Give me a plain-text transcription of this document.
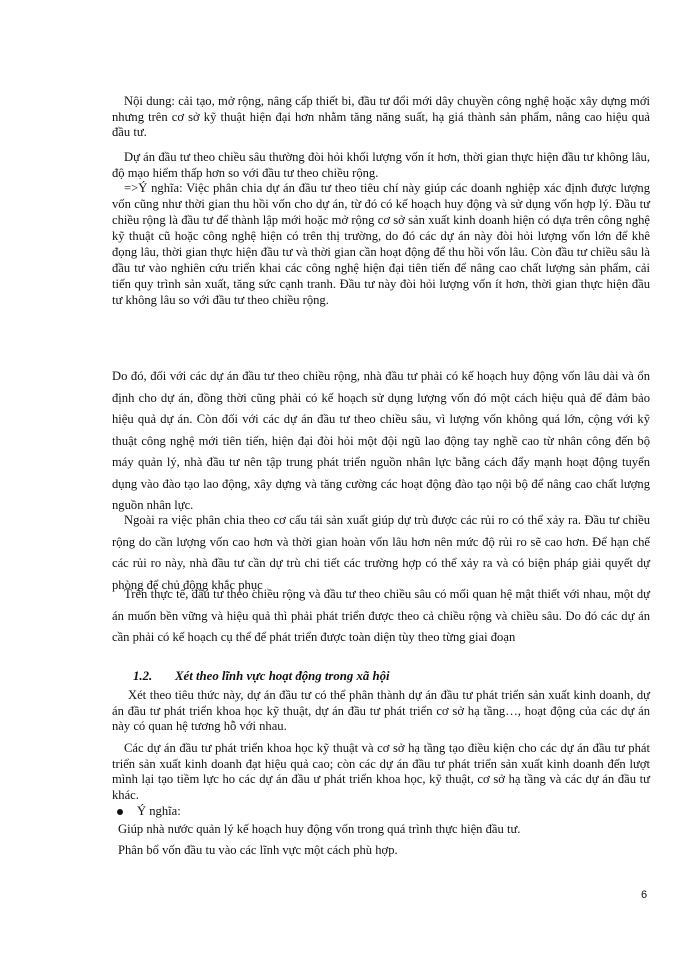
Nội dung: cải tạo, mở rộng, nâng cấp thiết bi, đầu tư đổi mới dây chuyền công nghệ hoặc xây dựng mới nhưng trên cơ sở kỹ thuật hiện đại hơn nhằm tăng năng suất, hạ giá thành sản phẩm, nâng cao hiệu quả đầu tư.

Dự án đầu tư theo chiều sâu thường đòi hỏi khối lượng vốn ít hơn, thời gian thực hiện đầu tư không lâu, độ mạo hiểm thấp hơn so với đầu tư theo chiều rộng.

=>Ý nghĩa: Việc phân chia dự án đầu tư theo tiêu chí này giúp các doanh nghiệp xác định được lượng vốn cũng như thời gian thu hồi vốn cho dự án, từ đó có kế hoạch huy động và sử dụng vốn hợp lý. Đầu tư chiều rộng là đầu tư để thành lập mới hoặc mở rộng cơ sở sản xuất kinh doanh hiện có dựa trên công nghệ kỹ thuật cũ hoặc công nghệ hiện có trên thị trường, do đó các dự án này đòi hỏi lượng vốn lớn để khê đọng lâu, thời gian thực hiện đầu tư và thời gian cần hoạt động để thu hồi vốn lâu. Còn đầu tư chiều sâu là đầu tư vào nghiên cứu triển khai các công nghệ hiện đại tiên tiến để nâng cao chất lượng sản phẩm, cải tiến quy trình sản xuất, tăng sức cạnh tranh. Đầu tư này đòi hỏi lượng vốn ít hơn, thời gian thực hiện đầu tư không lâu so với đầu tư theo chiều rộng.

Do đó, đối với các dự án đầu tư theo chiều rộng, nhà đầu tư phải có kế hoạch huy động vốn lâu dài và ổn định cho dự án, đồng thời cũng phải có kế hoạch sử dụng lượng vốn đó một cách hiệu quả để đảm bảo hiệu quả dự án. Còn đối với các dự án đầu tư theo chiều sâu, vì lượng vốn không quá lớn, cộng với kỹ thuật công nghệ mới tiên tiến, hiện đại đòi hỏi một đội ngũ lao động tay nghề cao từ nhân công đến bộ máy quản lý, nhà đầu tư nên tập trung phát triển nguồn nhân lực bằng cách đẩy mạnh hoạt động tuyển dụng vào đào tạo lao động, xây dựng và tăng cường các hoạt động đào tạo nội bộ để nâng cao chất lượng nguồn nhân lực.

Ngoài ra việc phân chia theo cơ cấu tái sản xuất giúp dự trù được các rủi ro có thể xảy ra. Đầu tư chiều rộng do cần lượng vốn cao hơn và thời gian hoàn vốn lâu hơn nên mức độ rủi ro sẽ cao hơn. Để hạn chế các rủi ro này, nhà đầu tư cần dự trù chi tiết các trường hợp có thể xảy ra và có biện pháp giải quyết dự phòng để chủ động khắc phục

Trên thực tế, đầu tư theo chiều rộng và đầu tư theo chiều sâu có mối quan hệ mật thiết với nhau, một dự án muốn bền vững và hiệu quả thì phải phát triển được theo cả chiều rộng và chiều sâu. Do đó các dự án cần phải có kế hoạch cụ thể để phát triển được toàn diện tùy theo từng giai đoạn

1.2. Xét theo lĩnh vực hoạt động trong xã hội

Xét theo tiêu thức này, dự án đầu tư có thể phân thành dự án đầu tư phát triển sản xuất kinh doanh, dự án đầu tư phát triển khoa học kỹ thuật, dự án đầu tư phát triển cơ sở hạ tầng…, hoạt động của các dự án này có quan hệ tương hỗ với nhau.

Các dự án đầu tư phát triển khoa học kỹ thuật và cơ sở hạ tầng tạo điều kiện cho các dự án đầu tư phát triển sản xuất kinh doanh đạt hiệu quả cao; còn các dự án đầu tư phát triển sản xuất kinh doanh đến lượt mình lại tạo tiềm lực ho các dự án đầu ư phát triển khoa học, kỹ thuật, cơ sở hạ tầng và các dự án đầu tư khác.

Ý nghĩa:

Giúp nhà nước quản lý kế hoạch huy động vốn trong quá trình thực hiện đầu tư.

Phân bổ vốn đầu tu vào các lĩnh vực một cách phù hợp.

6
